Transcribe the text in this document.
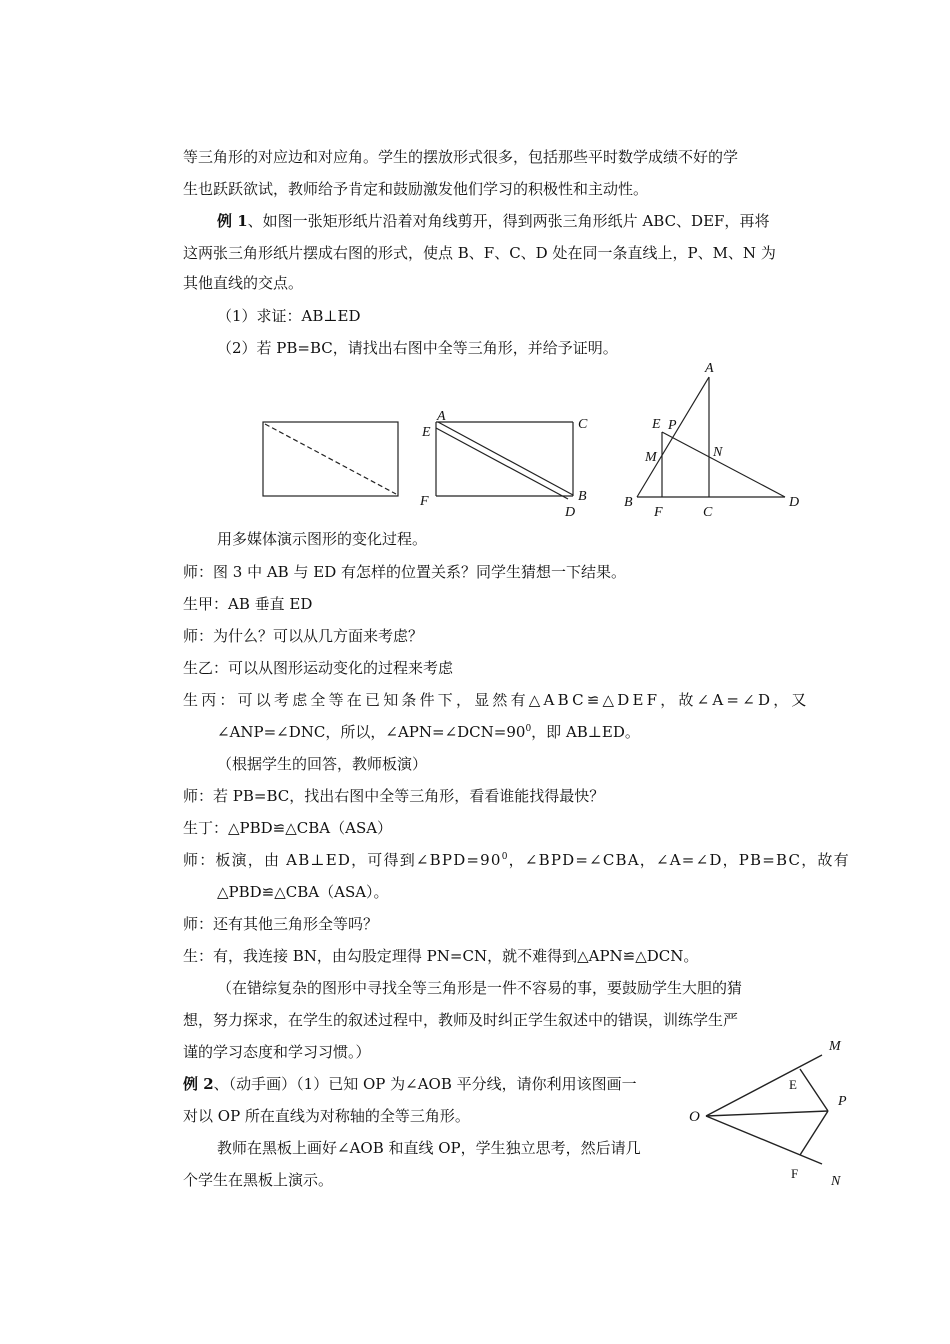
等三角形的对应边和对应角。学生的摆放形式很多，包括那些平时数学成绩不好的学
生也跃跃欲试，教师给予肯定和鼓励激发他们学习的积极性和主动性。
例 1、如图一张矩形纸片沿着对角线剪开，得到两张三角形纸片 ABC、DEF，再将
这两张三角形纸片摆成右图的形式，使点 B、F、C、D 处在同一条直线上，P、M、N 为
其他直线的交点。
（1）求证：AB⊥ED
（2）若 PB=BC，请找出右图中全等三角形，并给予证明。
A
E
C
F	B
D
A
E P
M	N
B
F	C
D
用多媒体演示图形的变化过程。
师：图 3 中 AB 与 ED 有怎样的位置关系？同学生猜想一下结果。
生甲：AB 垂直 ED
师：为什么？可以从几方面来考虑？
生乙：可以从图形运动变化的过程来考虑
生丙：可以考虑全等在已知条件下，显然有△ABC≌△DEF，故∠A=∠D，又
∠ANP=∠DNC，所以，$\angle APN=\angle DCN=90^0$，即 AB⊥ED。
（根据学生的回答，教师板演）
师：若 PB=BC，找出右图中全等三角形，看看谁能找得最快？
生丁：△PBD≌△CBA（ASA）
师：板演，由 AB⊥ED，可得到$\angle BPD=90^0$，∠BPD=∠CBA，∠A=∠D，PB=BC，故有
△PBD≌△CBA（ASA）。
师：还有其他三角形全等吗？
生：有，我连接 BN，由勾股定理得 PN=CN，就不难得到△APN≌△DCN。
（在错综复杂的图形中寻找全等三角形是一件不容易的事，要鼓励学生大胆的猜
想，努力探求，在学生的叙述过程中，教师及时纠正学生叙述中的错误，训练学生严
谨的学习态度和学习习惯。）
例 2、（动手画）（1）已知 OP 为∠AOB 平分线，请你利用该图画一
对以 OP 所在直线为对称轴的全等三角形。
教师在黑板上画好∠AOB 和直线 OP，学生独立思考，然后请几
个学生在黑板上演示。
M
E
O
P
F
N
